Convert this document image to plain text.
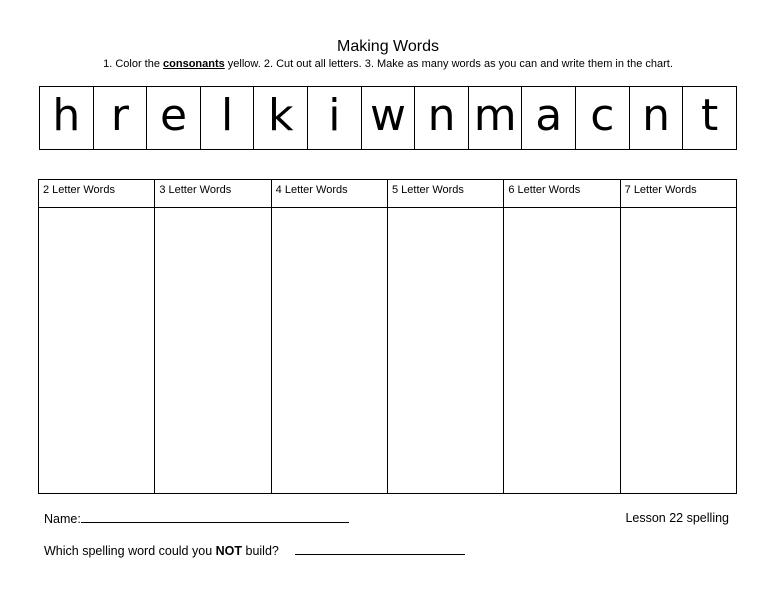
Making Words
1. Color the consonants yellow. 2. Cut out all letters. 3. Make as many words as you can and write them in the chart.
h r e l k i w n m a c n t
2 Letter Words	3 Letter Words	4 Letter Words	5 Letter Words	6 Letter Words	7 Letter Words
Name:	Lesson 22 spelling
Which spelling word could you NOT build?
